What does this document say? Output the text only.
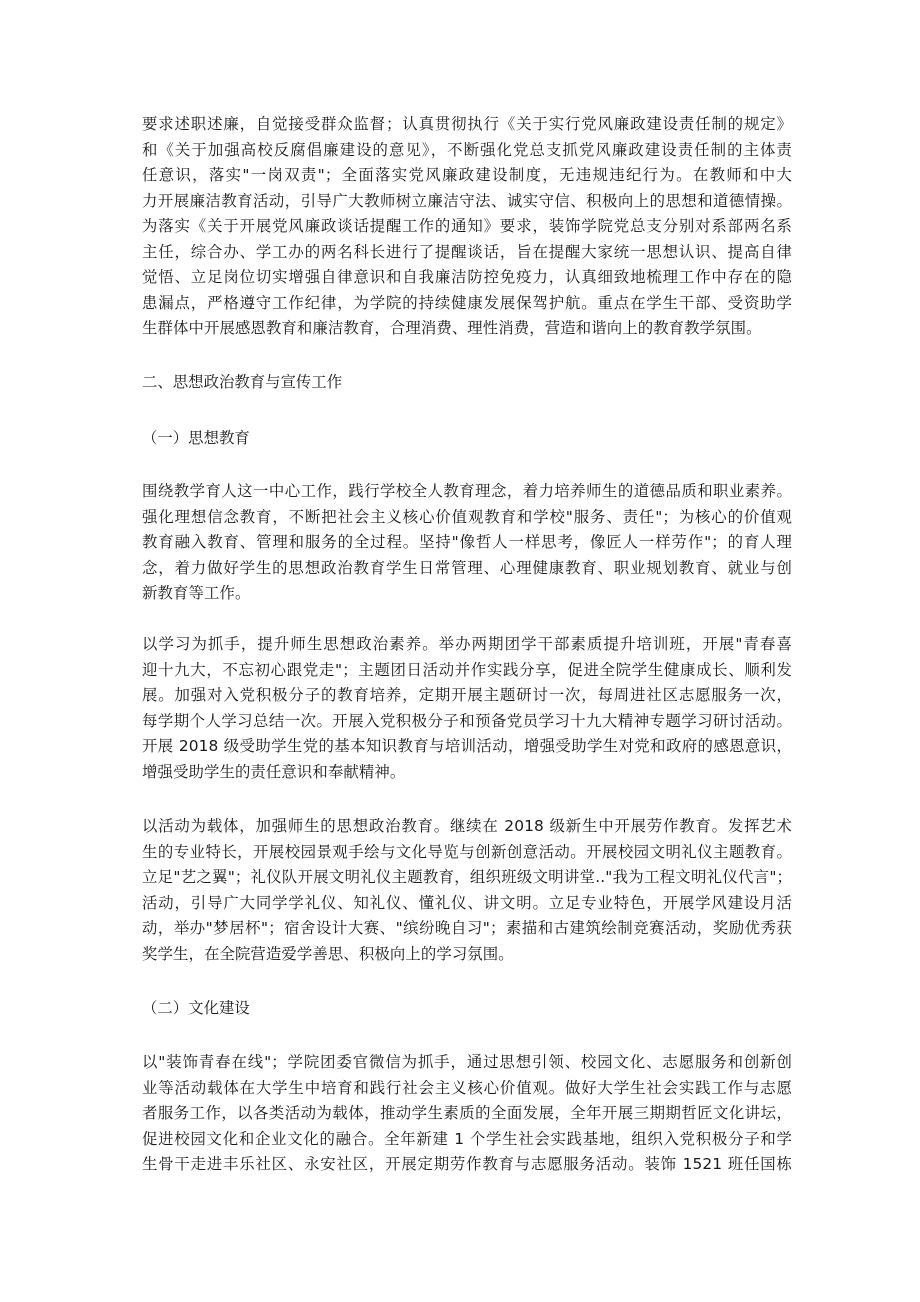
要求述职述廉，自觉接受群众监督；认真贯彻执行《关于实行党风廉政建设责任制的规定》
和《关于加强高校反腐倡廉建设的意见》，不断强化党总支抓党风廉政建设责任制的主体责
任意识，落实"一岗双责"；全面落实党风廉政建设制度，无违规违纪行为。在教师和中大
力开展廉洁教育活动，引导广大教师树立廉洁守法、诚实守信、积极向上的思想和道德情操。
为落实《关于开展党风廉政谈话提醒工作的通知》要求，装饰学院党总支分别对系部两名系
主任，综合办、学工办的两名科长进行了提醒谈话，旨在提醒大家统一思想认识、提高自律
觉悟、立足岗位切实增强自律意识和自我廉洁防控免疫力，认真细致地梳理工作中存在的隐
患漏点，严格遵守工作纪律，为学院的持续健康发展保驾护航。重点在学生干部、受资助学
生群体中开展感恩教育和廉洁教育，合理消费、理性消费，营造和谐向上的教育教学氛围。

二、思想政治教育与宣传工作

（一）思想教育

围绕教学育人这一中心工作，践行学校全人教育理念，着力培养师生的道德品质和职业素养。
强化理想信念教育，不断把社会主义核心价值观教育和学校"服务、责任"；为核心的价值观
教育融入教育、管理和服务的全过程。坚持"像哲人一样思考，像匠人一样劳作"；的育人理
念，着力做好学生的思想政治教育学生日常管理、心理健康教育、职业规划教育、就业与创
新教育等工作。
以学习为抓手，提升师生思想政治素养。举办两期团学干部素质提升培训班，开展"青春喜
迎十九大，不忘初心跟党走"；主题团日活动并作实践分享，促进全院学生健康成长、顺利发
展。加强对入党积极分子的教育培养，定期开展主题研讨一次，每周进社区志愿服务一次，
每学期个人学习总结一次。开展入党积极分子和预备党员学习十九大精神专题学习研讨活动。
开展 2018 级受助学生党的基本知识教育与培训活动，增强受助学生对党和政府的感恩意识，
增强受助学生的责任意识和奉献精神。
以活动为载体，加强师生的思想政治教育。继续在 2018 级新生中开展劳作教育。发挥艺术
生的专业特长，开展校园景观手绘与文化导览与创新创意活动。开展校园文明礼仪主题教育。
立足"艺之翼"；礼仪队开展文明礼仪主题教育，组织班级文明讲堂.."我为工程文明礼仪代言"；
活动，引导广大同学学礼仪、知礼仪、懂礼仪、讲文明。立足专业特色，开展学风建设月活
动，举办"梦居杯"；宿舍设计大赛、"缤纷晚自习"；素描和古建筑绘制竞赛活动，奖励优秀获
奖学生，在全院营造爱学善思、积极向上的学习氛围。

（二）文化建设

以"装饰青春在线"；学院团委官微信为抓手，通过思想引领、校园文化、志愿服务和创新创
业等活动载体在大学生中培育和践行社会主义核心价值观。做好大学生社会实践工作与志愿
者服务工作，以各类活动为载体，推动学生素质的全面发展，全年开展三期期哲匠文化讲坛，
促进校园文化和企业文化的融合。全年新建 1 个学生社会实践基地，组织入党积极分子和学
生骨干走进丰乐社区、永安社区，开展定期劳作教育与志愿服务活动。装饰 1521 班任国栋
